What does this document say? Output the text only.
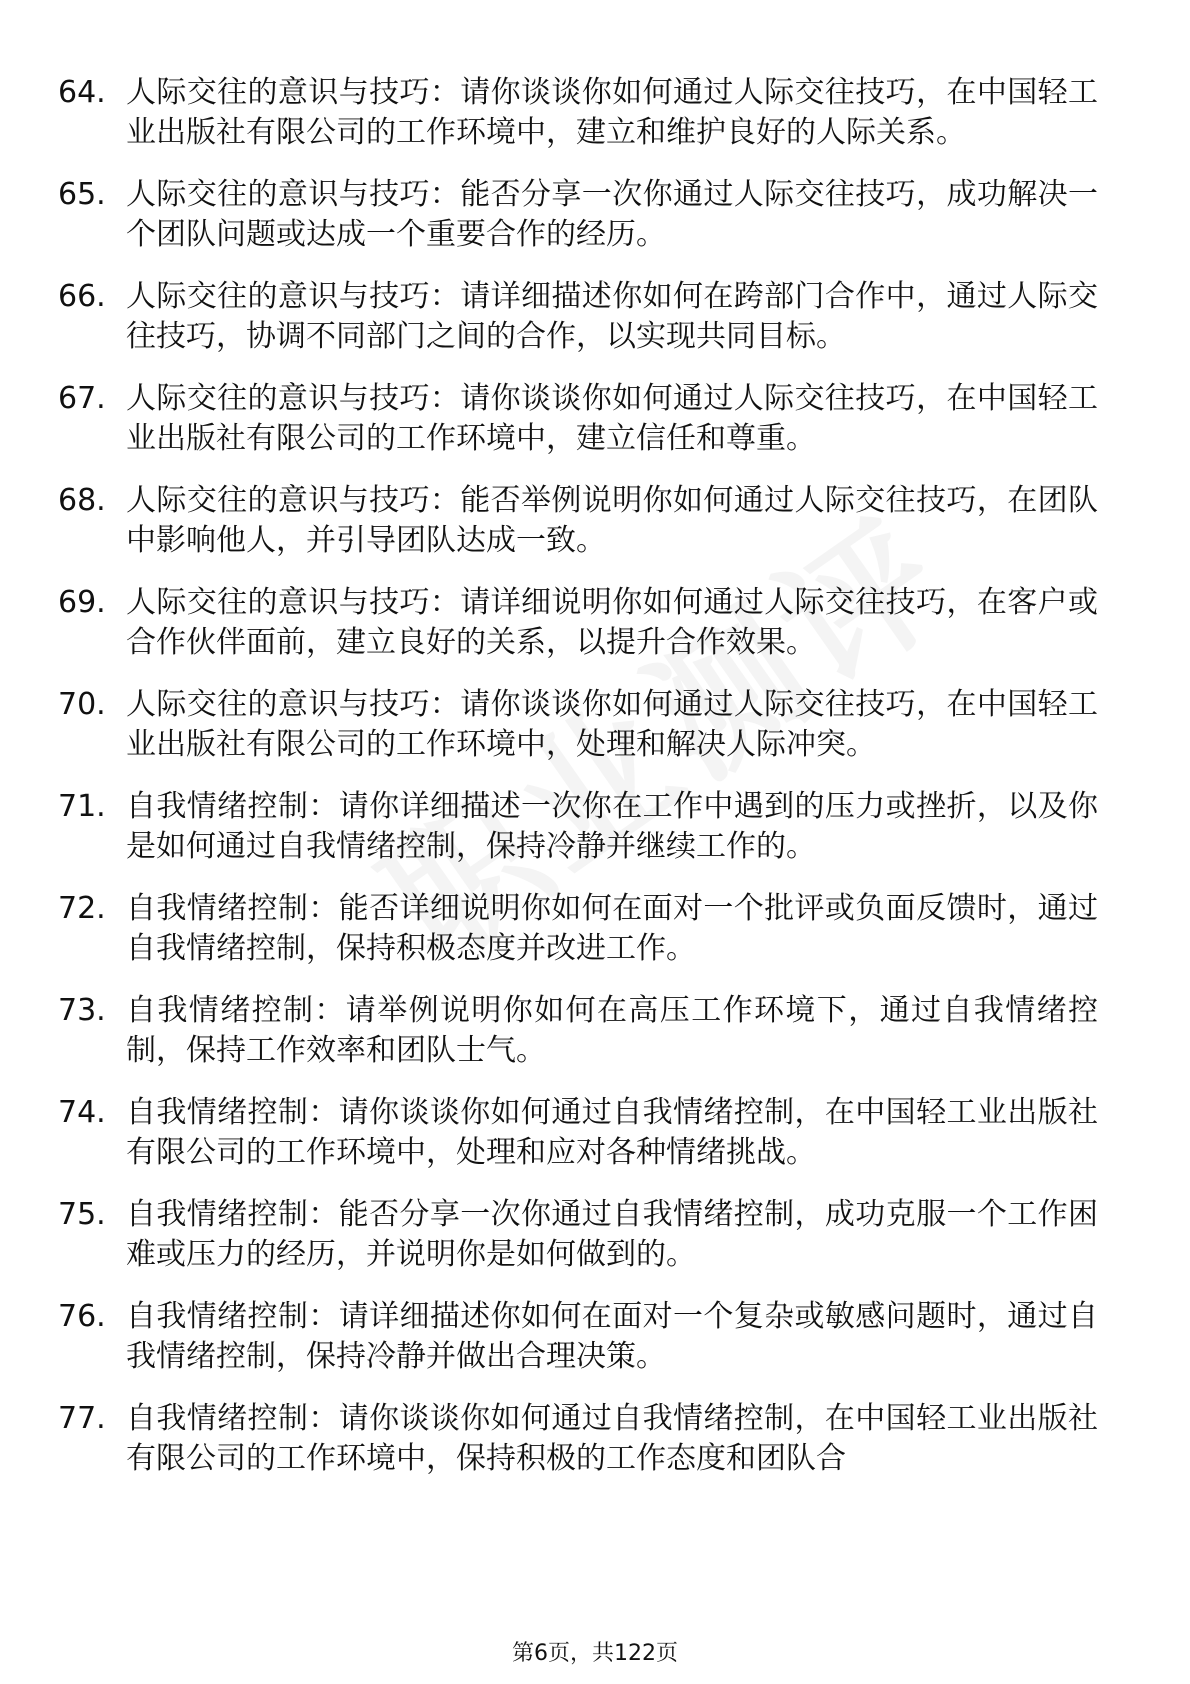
64. 人际交往的意识与技巧：请你谈谈你如何通过人际交往技巧，在中国轻工业出版社有限公司的工作环境中，建立和维护良好的人际关系。
65. 人际交往的意识与技巧：能否分享一次你通过人际交往技巧，成功解决一个团队问题或达成一个重要合作的经历。
66. 人际交往的意识与技巧：请详细描述你如何在跨部门合作中，通过人际交往技巧，协调不同部门之间的合作，以实现共同目标。
67. 人际交往的意识与技巧：请你谈谈你如何通过人际交往技巧，在中国轻工业出版社有限公司的工作环境中，建立信任和尊重。
68. 人际交往的意识与技巧：能否举例说明你如何通过人际交往技巧，在团队中影响他人，并引导团队达成一致。
69. 人际交往的意识与技巧：请详细说明你如何通过人际交往技巧，在客户或合作伙伴面前，建立良好的关系，以提升合作效果。
70. 人际交往的意识与技巧：请你谈谈你如何通过人际交往技巧，在中国轻工业出版社有限公司的工作环境中，处理和解决人际冲突。
71. 自我情绪控制：请你详细描述一次你在工作中遇到的压力或挫折，以及你是如何通过自我情绪控制，保持冷静并继续工作的。
72. 自我情绪控制：能否详细说明你如何在面对一个批评或负面反馈时，通过自我情绪控制，保持积极态度并改进工作。
73. 自我情绪控制：请举例说明你如何在高压工作环境下，通过自我情绪控制，保持工作效率和团队士气。
74. 自我情绪控制：请你谈谈你如何通过自我情绪控制，在中国轻工业出版社有限公司的工作环境中，处理和应对各种情绪挑战。
75. 自我情绪控制：能否分享一次你通过自我情绪控制，成功克服一个工作困难或压力的经历，并说明你是如何做到的。
76. 自我情绪控制：请详细描述你如何在面对一个复杂或敏感问题时，通过自我情绪控制，保持冷静并做出合理决策。
77. 自我情绪控制：请你谈谈你如何通过自我情绪控制，在中国轻工业出版社有限公司的工作环境中，保持积极的工作态度和团队合
第6页，共122页
